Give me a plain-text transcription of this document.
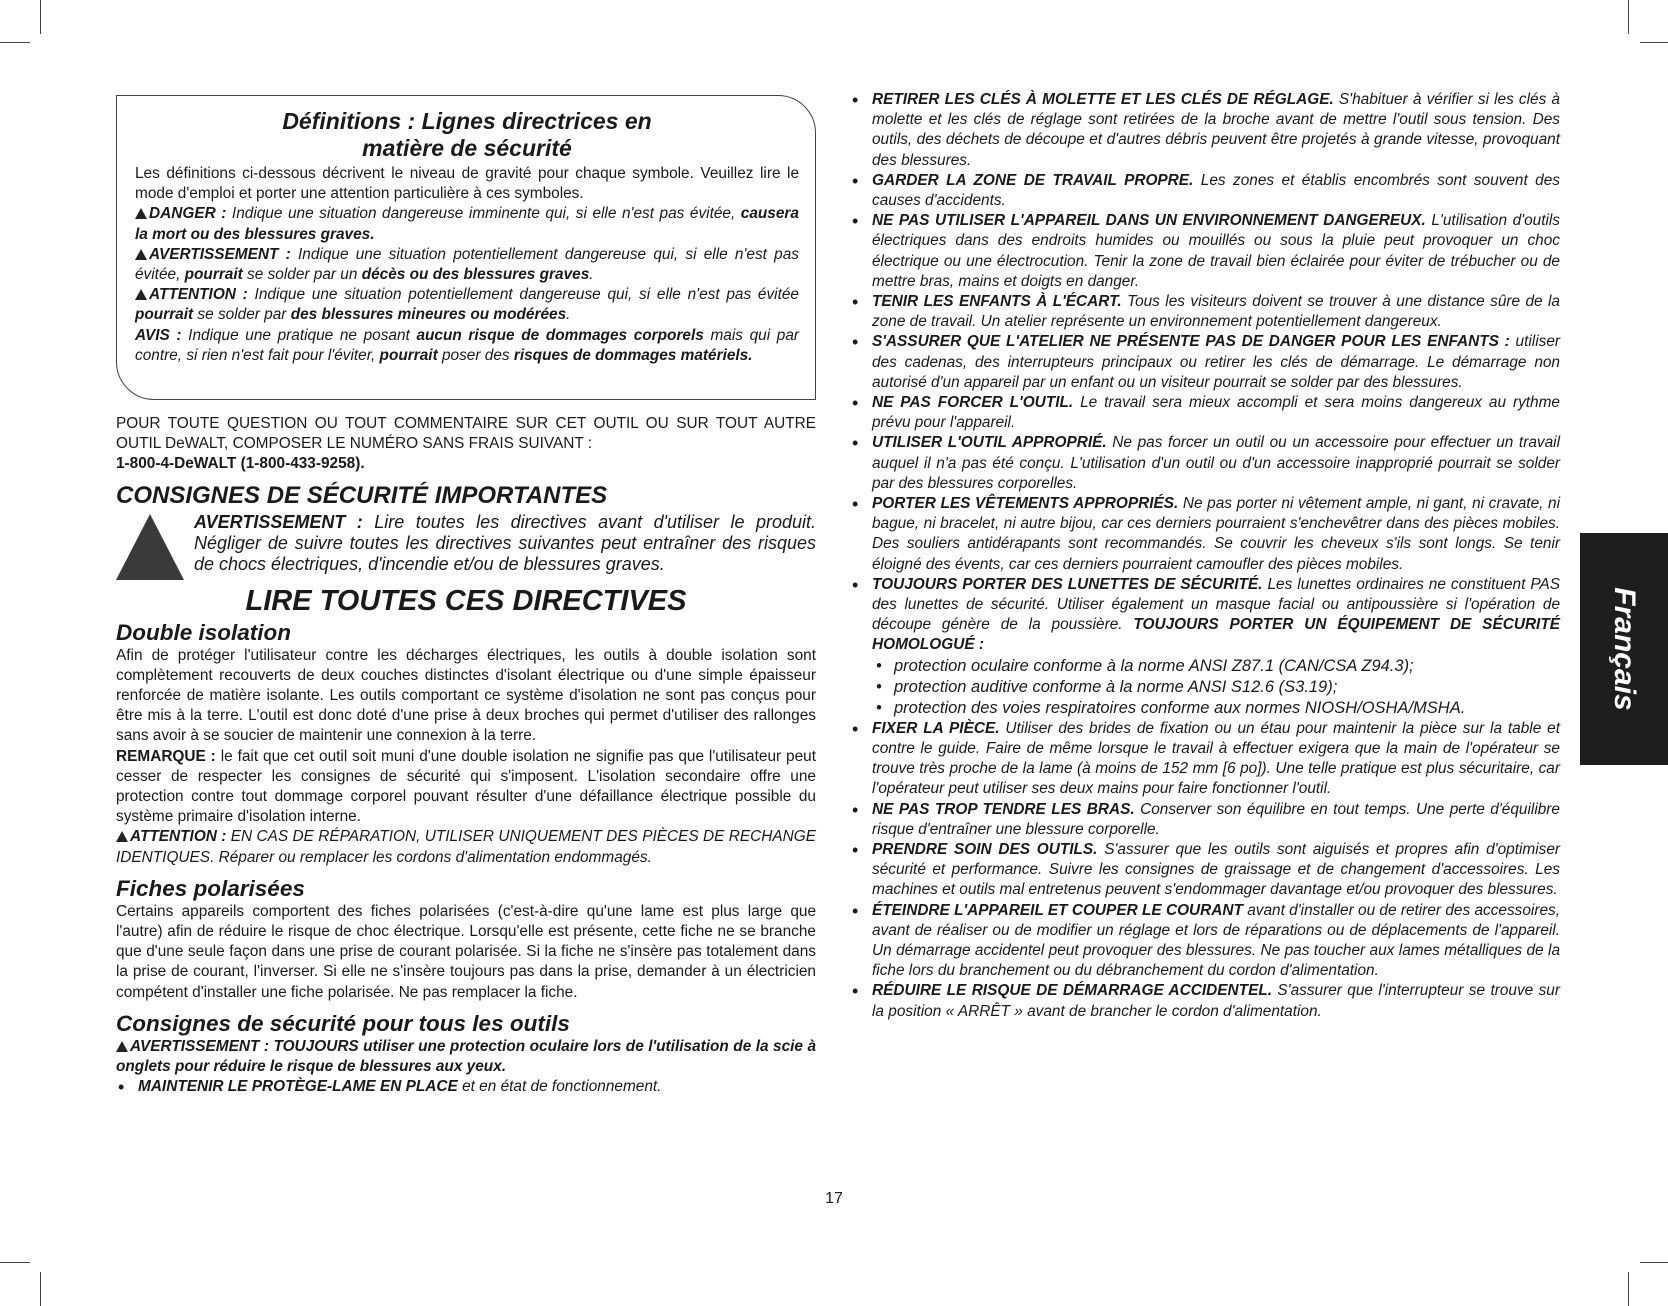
Définitions : Lignes directrices en
matière de sécurité

Les définitions ci-dessous décrivent le niveau de gravité pour chaque symbole. Veuillez lire le mode d'emploi et porter une attention particulière à ces symboles.

DANGER : Indique une situation dangereuse imminente qui, si elle n'est pas évitée, causera la mort ou des blessures graves.

AVERTISSEMENT : Indique une situation potentiellement dangereuse qui, si elle n'est pas évitée, pourrait se solder par un décès ou des blessures graves.

ATTENTION : Indique une situation potentiellement dangereuse qui, si elle n'est pas évitée pourrait se solder par des blessures mineures ou modérées.

AVIS : Indique une pratique ne posant aucun risque de dommages corporels mais qui par contre, si rien n'est fait pour l'éviter, pourrait poser des risques de dommages matériels.

POUR TOUTE QUESTION OU TOUT COMMENTAIRE SUR CET OUTIL OU SUR TOUT AUTRE OUTIL DeWALT, COMPOSER LE NUMÉRO SANS FRAIS SUIVANT :

1-800-4-DeWALT (1-800-433-9258).

CONSIGNES DE SÉCURITÉ IMPORTANTES
AVERTISSEMENT : Lire toutes les directives avant d'utiliser le produit. Négliger de suivre toutes les directives suivantes peut entraîner des risques de chocs électriques, d'incendie et/ou de blessures graves.
LIRE TOUTES CES DIRECTIVES
Double isolation

Afin de protéger l'utilisateur contre les décharges électriques, les outils à double isolation sont complètement recouverts de deux couches distinctes d'isolant électrique ou d'une simple épaisseur renforcée de matière isolante. Les outils comportant ce système d'isolation ne sont pas conçus pour être mis à la terre. L'outil est donc doté d'une prise à deux broches qui permet d'utiliser des rallonges sans avoir à se soucier de maintenir une connexion à la terre.

REMARQUE : le fait que cet outil soit muni d'une double isolation ne signifie pas que l'utilisateur peut cesser de respecter les consignes de sécurité qui s'imposent. L'isolation secondaire offre une protection contre tout dommage corporel pouvant résulter d'une défaillance électrique possible du système primaire d'isolation interne.

ATTENTION : EN CAS DE RÉPARATION, UTILISER UNIQUEMENT DES PIÈCES DE RECHANGE IDENTIQUES. Réparer ou remplacer les cordons d'alimentation endommagés.

Fiches polarisées

Certains appareils comportent des fiches polarisées (c'est-à-dire qu'une lame est plus large que l'autre) afin de réduire le risque de choc électrique. Lorsqu'elle est présente, cette fiche ne se branche que d'une seule façon dans une prise de courant polarisée. Si la fiche ne s'insère pas totalement dans la prise de courant, l'inverser. Si elle ne s'insère toujours pas dans la prise, demander à un électricien compétent d'installer une fiche polarisée. Ne pas remplacer la fiche.

Consignes de sécurité pour tous les outils

AVERTISSEMENT : TOUJOURS utiliser une protection oculaire lors de l'utilisation de la scie à onglets pour réduire le risque de blessures aux yeux.

• MAINTENIR LE PROTÈGE-LAME EN PLACE et en état de fonctionnement.
• RETIRER LES CLÉS À MOLETTE ET LES CLÉS DE RÉGLAGE. S'habituer à vérifier si les clés à molette et les clés de réglage sont retirées de la broche avant de mettre l'outil sous tension. Des outils, des déchets de découpe et d'autres débris peuvent être projetés à grande vitesse, provoquant des blessures.
• GARDER LA ZONE DE TRAVAIL PROPRE. Les zones et établis encombrés sont souvent des causes d'accidents.
• NE PAS UTILISER L'APPAREIL DANS UN ENVIRONNEMENT DANGEREUX. L'utilisation d'outils électriques dans des endroits humides ou mouillés ou sous la pluie peut provoquer un choc électrique ou une électrocution. Tenir la zone de travail bien éclairée pour éviter de trébucher ou de mettre bras, mains et doigts en danger.
• TENIR LES ENFANTS À L'ÉCART. Tous les visiteurs doivent se trouver à une distance sûre de la zone de travail. Un atelier représente un environnement potentiellement dangereux.
• S'ASSURER QUE L'ATELIER NE PRÉSENTE PAS DE DANGER POUR LES ENFANTS : utiliser des cadenas, des interrupteurs principaux ou retirer les clés de démarrage. Le démarrage non autorisé d'un appareil par un enfant ou un visiteur pourrait se solder par des blessures.
• NE PAS FORCER L'OUTIL. Le travail sera mieux accompli et sera moins dangereux au rythme prévu pour l'appareil.
• UTILISER L'OUTIL APPROPRIÉ. Ne pas forcer un outil ou un accessoire pour effectuer un travail auquel il n'a pas été conçu. L'utilisation d'un outil ou d'un accessoire inapproprié pourrait se solder par des blessures corporelles.
• PORTER LES VÊTEMENTS APPROPRIÉS. Ne pas porter ni vêtement ample, ni gant, ni cravate, ni bague, ni bracelet, ni autre bijou, car ces derniers pourraient s'enchevêtrer dans des pièces mobiles. Des souliers antidérapants sont recommandés. Se couvrir les cheveux s'ils sont longs. Se tenir éloigné des évents, car ces derniers pourraient camoufler des pièces mobiles.
• TOUJOURS PORTER DES LUNETTES DE SÉCURITÉ. Les lunettes ordinaires ne constituent PAS des lunettes de sécurité. Utiliser également un masque facial ou antipoussière si l'opération de découpe génère de la poussière. TOUJOURS PORTER UN ÉQUIPEMENT DE SÉCURITÉ HOMOLOGUÉ :
• protection oculaire conforme à la norme ANSI Z87.1 (CAN/CSA Z94.3);
• protection auditive conforme à la norme ANSI S12.6 (S3.19);
• protection des voies respiratoires conforme aux normes NIOSH/OSHA/MSHA.
• FIXER LA PIÈCE. Utiliser des brides de fixation ou un étau pour maintenir la pièce sur la table et contre le guide. Faire de même lorsque le travail à effectuer exigera que la main de l'opérateur se trouve très proche de la lame (à moins de 152 mm [6 po]). Une telle pratique est plus sécuritaire, car l'opérateur peut utiliser ses deux mains pour faire fonctionner l'outil.
• NE PAS TROP TENDRE LES BRAS. Conserver son équilibre en tout temps. Une perte d'équilibre risque d'entraîner une blessure corporelle.
• PRENDRE SOIN DES OUTILS. S'assurer que les outils sont aiguisés et propres afin d'optimiser sécurité et performance. Suivre les consignes de graissage et de changement d'accessoires. Les machines et outils mal entretenus peuvent s'endommager davantage et/ou provoquer des blessures.
• ÉTEINDRE L'APPAREIL ET COUPER LE COURANT avant d'installer ou de retirer des accessoires, avant de réaliser ou de modifier un réglage et lors de réparations ou de déplacements de l'appareil. Un démarrage accidentel peut provoquer des blessures. Ne pas toucher aux lames métalliques de la fiche lors du branchement ou du débranchement du cordon d'alimentation.
• RÉDUIRE LE RISQUE DE DÉMARRAGE ACCIDENTEL. S'assurer que l'interrupteur se trouve sur la position « ARRÊT » avant de brancher le cordon d'alimentation.
Français
17
